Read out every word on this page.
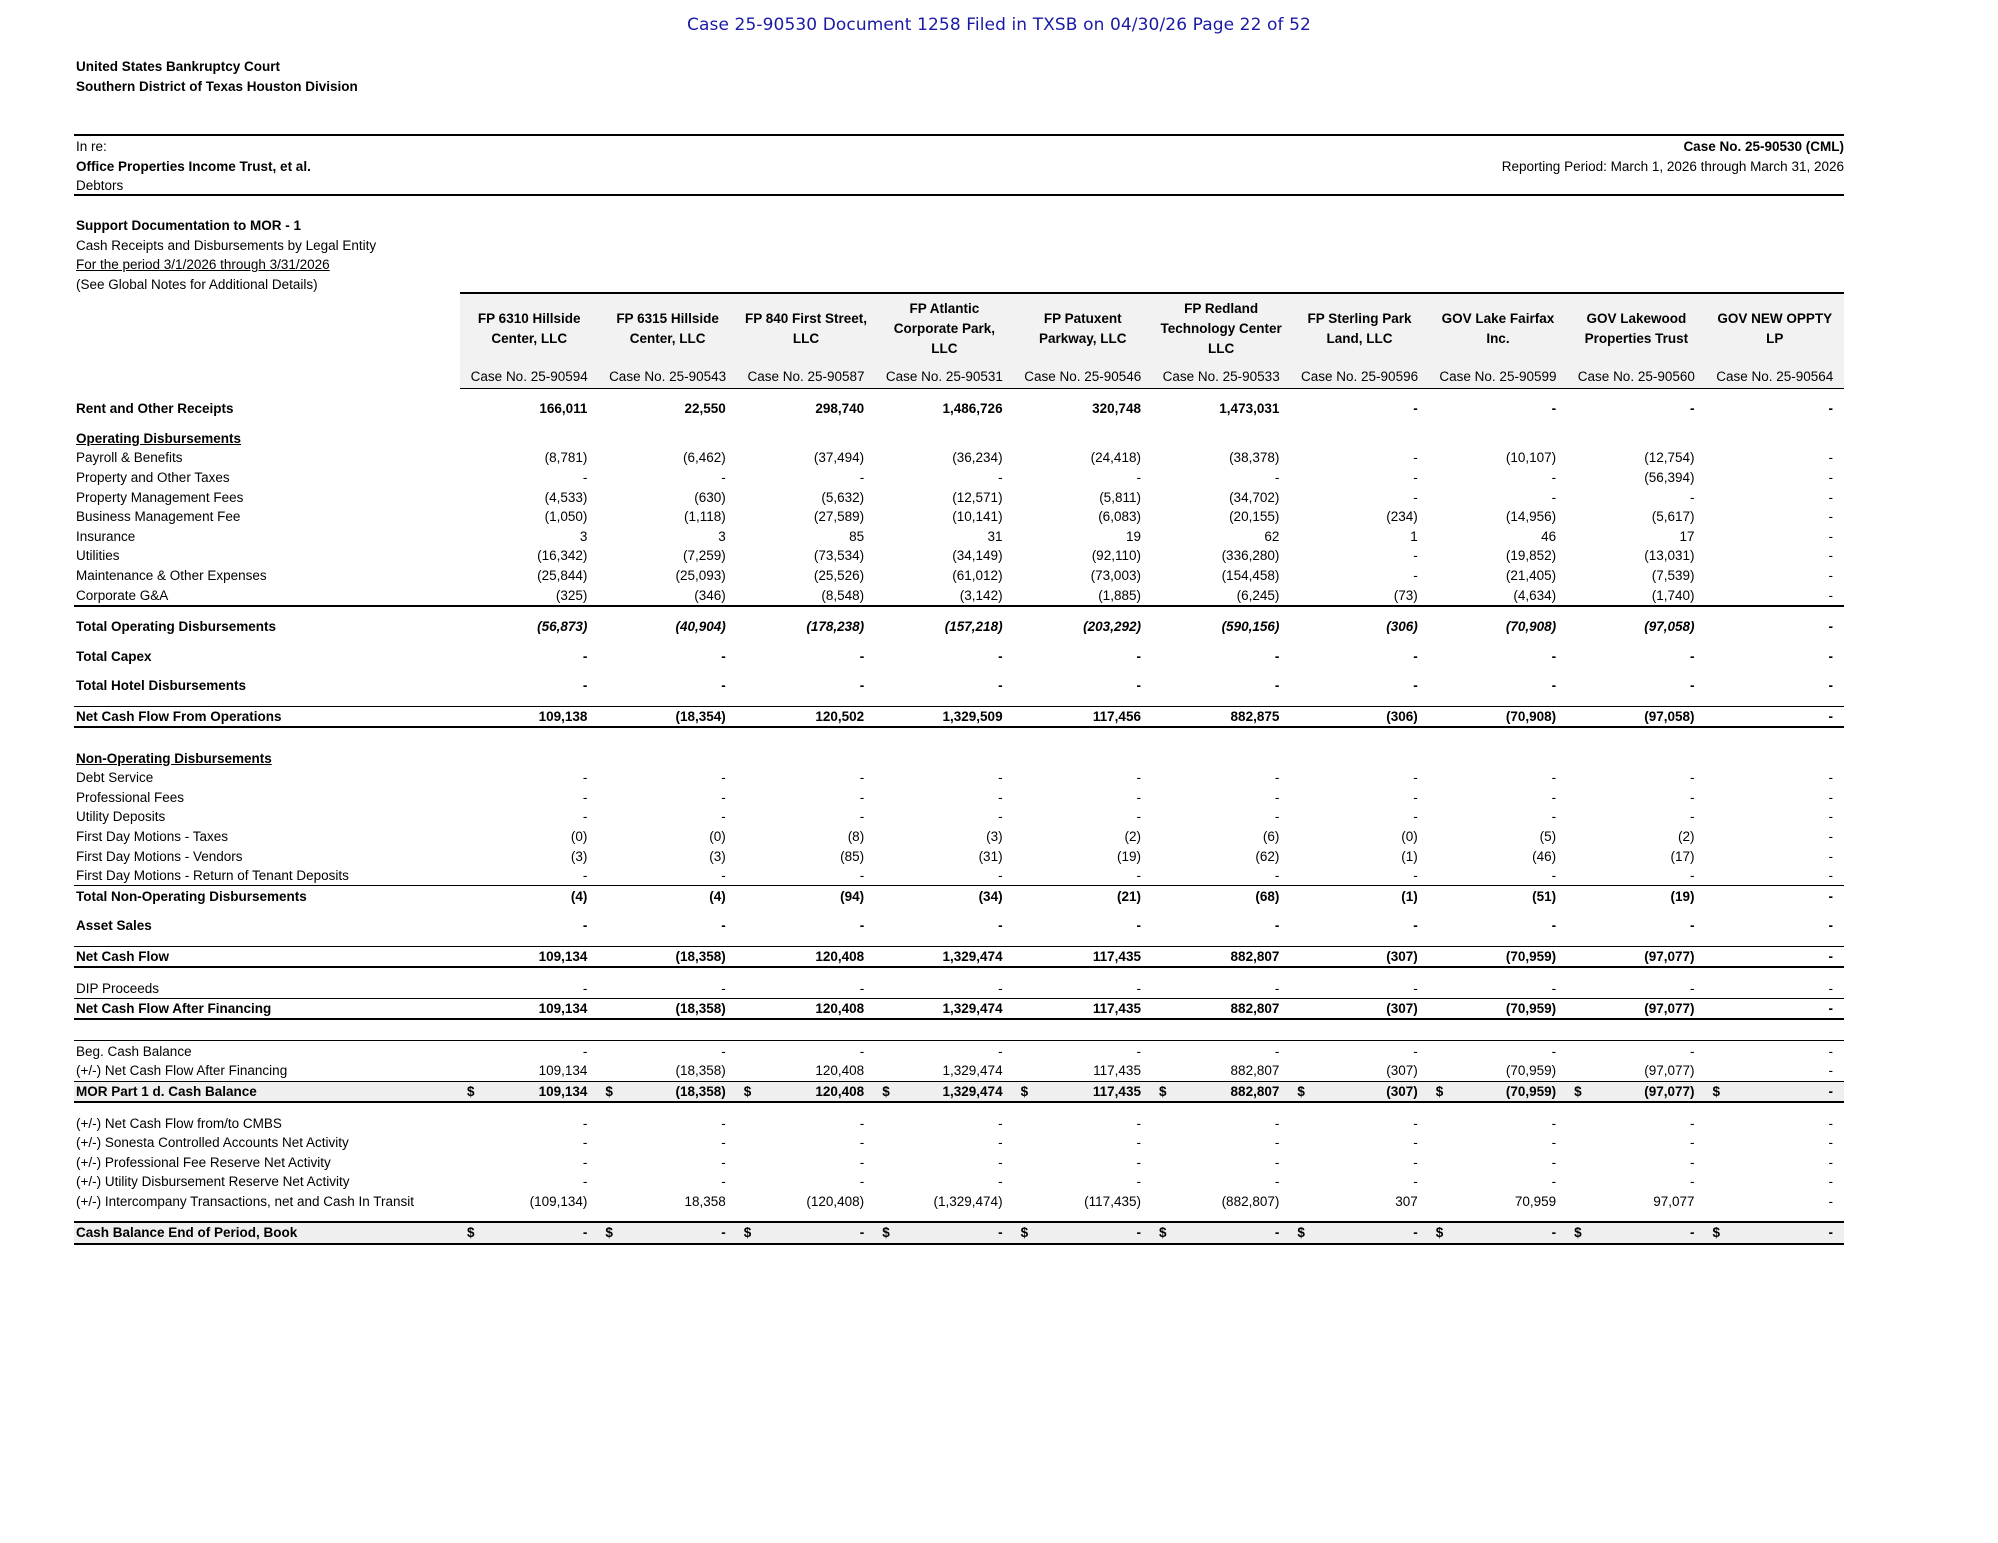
Case 25-90530 Document 1258 Filed in TXSB on 04/30/26 Page 22 of 52
United States Bankruptcy Court
Southern District of Texas Houston Division
In re:
Office Properties Income Trust, et al.
Debtors
Case No. 25-90530 (CML)
Reporting Period: March 1, 2026 through March 31, 2026
Support Documentation to MOR - 1
Cash Receipts and Disbursements by Legal Entity
For the period 3/1/2026 through 3/31/2026
(See Global Notes for Additional Details)
	FP 6310 Hillside Center, LLC	FP 6315 Hillside Center, LLC	FP 840 First Street, LLC	FP Atlantic Corporate Park, LLC	FP Patuxent Parkway, LLC	FP Redland Technology Center LLC	FP Sterling Park Land, LLC	GOV Lake Fairfax Inc.	GOV Lakewood Properties Trust	GOV NEW OPPTY LP
	Case No. 25-90594	Case No. 25-90543	Case No. 25-90587	Case No. 25-90531	Case No. 25-90546	Case No. 25-90533	Case No. 25-90596	Case No. 25-90599	Case No. 25-90560	Case No. 25-90564

Rent and Other Receipts	166,011	22,550	298,740	1,486,726	320,748	1,473,031	-	-	-	-

Operating Disbursements										
Payroll & Benefits	(8,781)	(6,462)	(37,494)	(36,234)	(24,418)	(38,378)	-	(10,107)	(12,754)	-
Property and Other Taxes	-	-	-	-	-	-	-	-	(56,394)	-
Property Management Fees	(4,533)	(630)	(5,632)	(12,571)	(5,811)	(34,702)	-	-	-	-
Business Management Fee	(1,050)	(1,118)	(27,589)	(10,141)	(6,083)	(20,155)	(234)	(14,956)	(5,617)	-
Insurance	3	3	85	31	19	62	1	46	17	-
Utilities	(16,342)	(7,259)	(73,534)	(34,149)	(92,110)	(336,280)	-	(19,852)	(13,031)	-
Maintenance & Other Expenses	(25,844)	(25,093)	(25,526)	(61,012)	(73,003)	(154,458)	-	(21,405)	(7,539)	-
Corporate G&A	(325)	(346)	(8,548)	(3,142)	(1,885)	(6,245)	(73)	(4,634)	(1,740)	-

Total Operating Disbursements	(56,873)	(40,904)	(178,238)	(157,218)	(203,292)	(590,156)	(306)	(70,908)	(97,058)	-

Total Capex	-	-	-	-	-	-	-	-	-	-

Total Hotel Disbursements	-	-	-	-	-	-	-	-	-	-

Net Cash Flow From Operations	109,138	(18,354)	120,502	1,329,509	117,456	882,875	(306)	(70,908)	(97,058)	-

Non-Operating Disbursements										
Debt Service	-	-	-	-	-	-	-	-	-	-
Professional Fees	-	-	-	-	-	-	-	-	-	-
Utility Deposits	-	-	-	-	-	-	-	-	-	-
First Day Motions - Taxes	(0)	(0)	(8)	(3)	(2)	(6)	(0)	(5)	(2)	-
First Day Motions - Vendors	(3)	(3)	(85)	(31)	(19)	(62)	(1)	(46)	(17)	-
First Day Motions - Return of Tenant Deposits	-	-	-	-	-	-	-	-	-	-
Total Non-Operating Disbursements	(4)	(4)	(94)	(34)	(21)	(68)	(1)	(51)	(19)	-

Asset Sales	-	-	-	-	-	-	-	-	-	-

Net Cash Flow	109,134	(18,358)	120,408	1,329,474	117,435	882,807	(307)	(70,959)	(97,077)	-

DIP Proceeds	-	-	-	-	-	-	-	-	-	-
Net Cash Flow After Financing	109,134	(18,358)	120,408	1,329,474	117,435	882,807	(307)	(70,959)	(97,077)	-

Beg. Cash Balance	-	-	-	-	-	-	-	-	-	-
(+/-) Net Cash Flow After Financing	109,134	(18,358)	120,408	1,329,474	117,435	882,807	(307)	(70,959)	(97,077)	-
MOR Part 1 d. Cash Balance	$ 109,134	$ (18,358)	$ 120,408	$ 1,329,474	$ 117,435	$ 882,807	$ (307)	$ (70,959)	$ (97,077)	$ -

(+/-) Net Cash Flow from/to CMBS	-	-	-	-	-	-	-	-	-	-
(+/-) Sonesta Controlled Accounts Net Activity	-	-	-	-	-	-	-	-	-	-
(+/-) Professional Fee Reserve Net Activity	-	-	-	-	-	-	-	-	-	-
(+/-) Utility Disbursement Reserve Net Activity	-	-	-	-	-	-	-	-	-	-
(+/-) Intercompany Transactions, net and Cash In Transit	(109,134)	18,358	(120,408)	(1,329,474)	(117,435)	(882,807)	307	70,959	97,077	-

Cash Balance End of Period, Book	$ -	$ -	$ -	$ -	$ -	$ -	$ -	$ -	$ -	$ -
